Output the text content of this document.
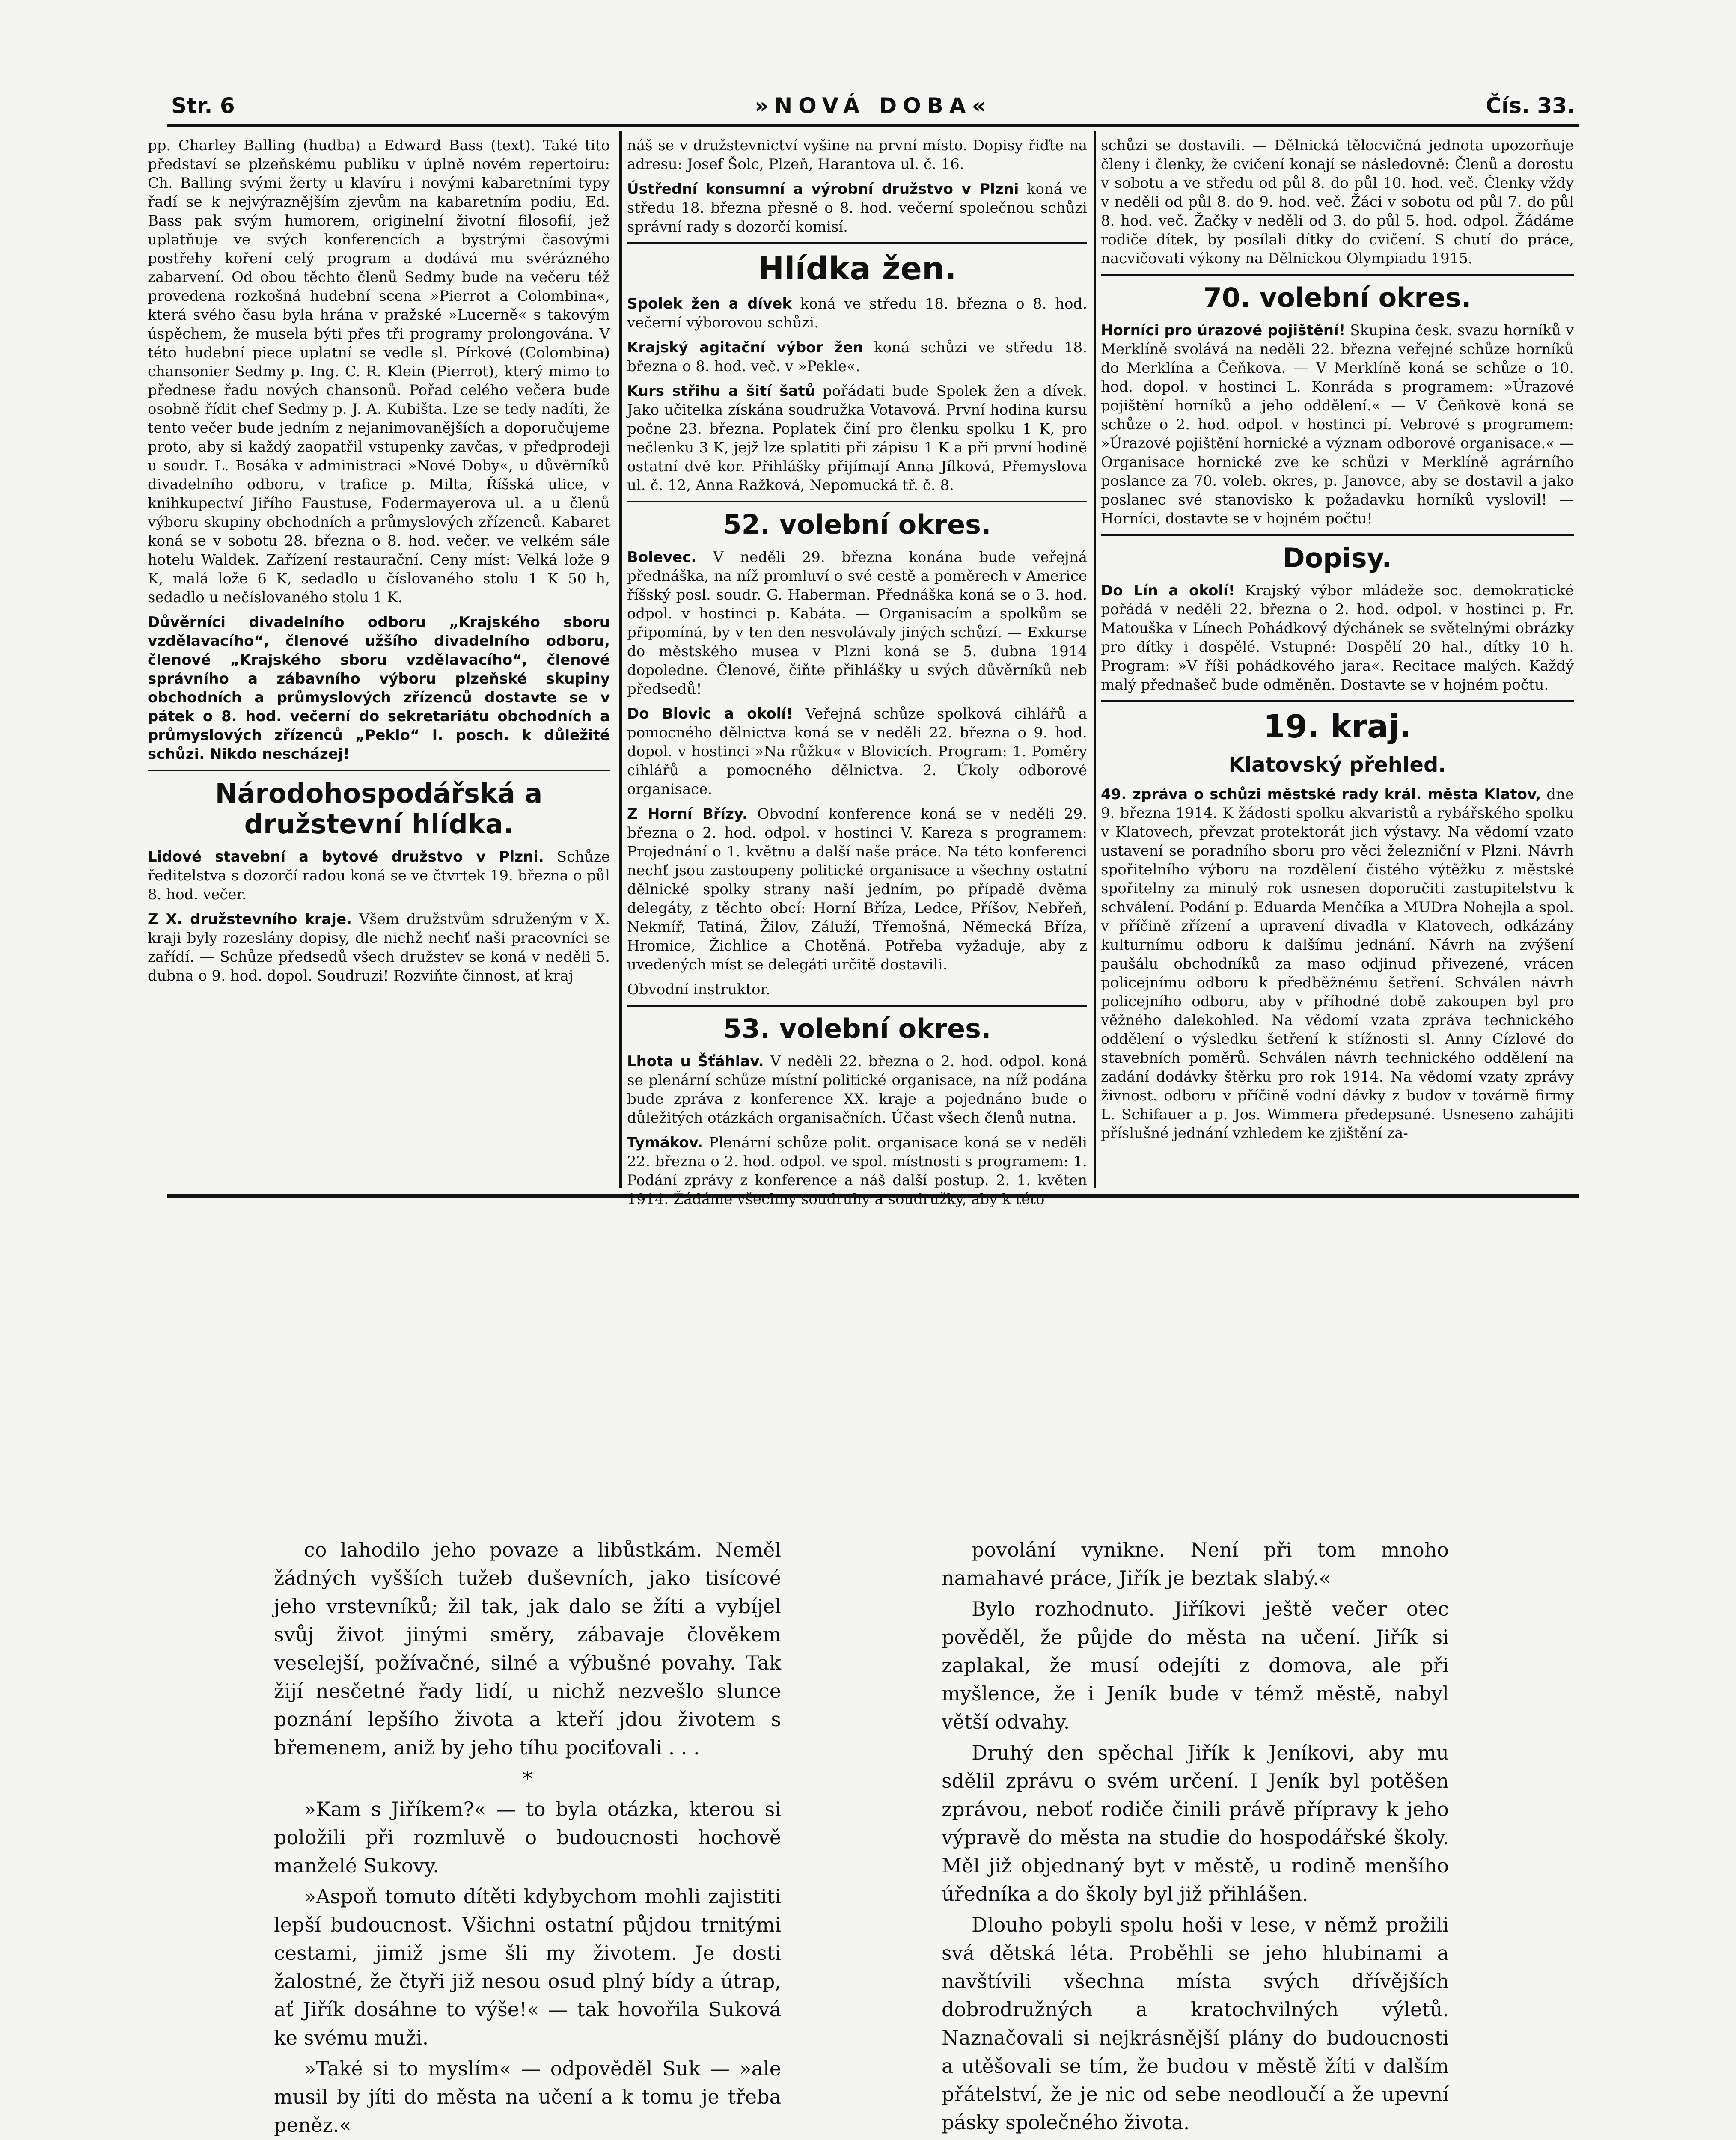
Str. 6	»NOVÁ DOBA«	Čís. 33.

pp. Charley Balling (hudba) a Edward Bass (text). Také tito představí se plzeňskému publiku v úplně novém repertoiru: Ch. Balling svými žerty u klavíru i novými kabaretními typy řadí se k nejvýraznějším zjevům na kabaretním podiu, Ed. Bass pak svým humorem, originelní životní filosofií, jež uplatňuje ve svých konferencích a bystrými časovými postřehy koření celý program a dodává mu svérázného zabarvení. Od obou těchto členů Sedmy bude na večeru též provedena rozkošná hudební scena »Pierrot a Colombina«, která svého času byla hrána v pražské »Lucerně« s takovým úspěchem, že musela býti přes tři programy prolongována. V této hudební piece uplatní se vedle sl. Pírkové (Colombina) chansonier Sedmy p. Ing. C. R. Klein (Pierrot), který mimo to přednese řadu nových chansonů. Pořad celého večera bude osobně řídit chef Sedmy p. J. A. Kubišta. Lze se tedy nadíti, že tento večer bude jedním z nejanimovanějších a doporučujeme proto, aby si každý zaopatřil vstupenky zavčas, v předprodeji u soudr. L. Bosáka v administraci »Nové Doby«, u důvěrníků divadelního odboru, v trafice p. Milta, Říšská ulice, v knihkupectví Jiřího Faustuse, Fodermayerova ul. a u členů výboru skupiny obchodních a průmyslových zřízenců. Kabaret koná se v sobotu 28. března o 8. hod. večer. ve velkém sále hotelu Waldek. Zařízení restaurační. Ceny míst: Velká lože 9 K, malá lože 6 K, sedadlo u číslovaného stolu 1 K 50 h, sedadlo u nečíslovaného stolu 1 K.

Důvěrníci divadelního odboru „Krajského sboru vzdělavacího“, členové užšího divadelního odboru, členové „Krajského sboru vzdělavacího“, členové správního a zábavního výboru plzeňské skupiny obchodních a průmyslových zřízenců dostavte se v pátek o 8. hod. večerní do sekretariátu obchodních a průmyslových zřízenců „Peklo“ I. posch. k důležité schůzi. Nikdo nescházej!

Národohospodářská a družstevní hlídka.

Lidové stavební a bytové družstvo v Plzni. Schůze ředitelstva s dozorčí radou koná se ve čtvrtek 19. března o půl 8. hod. večer.

Z X. družstevního kraje. Všem družstvům sdruženým v X. kraji byly rozeslány dopisy, dle nichž nechť naši pracovníci se zařídí. — Schůze předsedů všech družstev se koná v neděli 5. dubna o 9. hod. dopol. Soudruzi! Rozviňte činnost, ať kraj

náš se v družstevnictví vyšine na první místo. Dopisy řiďte na adresu: Josef Šolc, Plzeň, Harantova ul. č. 16.

Ústřední konsumní a výrobní družstvo v Plzni koná ve středu 18. března přesně o 8. hod. večerní společnou schůzi správní rady s dozorčí komisí.

Hlídka žen.

Spolek žen a dívek koná ve středu 18. března o 8. hod. večerní výborovou schůzi.

Krajský agitační výbor žen koná schůzi ve středu 18. března o 8. hod. več. v »Pekle«.

Kurs střihu a šití šatů pořádati bude Spolek žen a dívek. Jako učitelka získána soudružka Votavová. První hodina kursu počne 23. března. Poplatek činí pro členku spolku 1 K, pro nečlenku 3 K, jejž lze splatiti při zápisu 1 K a při první hodině ostatní dvě kor. Přihlášky přijímají Anna Jílková, Přemyslova ul. č. 12, Anna Ražková, Nepomucká tř. č. 8.

52. volební okres.

Bolevec. V neděli 29. března konána bude veřejná přednáška, na níž promluví o své cestě a poměrech v Americe říšský posl. soudr. G. Haberman. Přednáška koná se o 3. hod. odpol. v hostinci p. Kabáta. — Organisacím a spolkům se připomíná, by v ten den nesvolávaly jiných schůzí. — Exkurse do městského musea v Plzni koná se 5. dubna 1914 dopoledne. Členové, čiňte přihlášky u svých důvěrníků neb předsedů!

Do Blovic a okolí! Veřejná schůze spolková cihlářů a pomocného dělnictva koná se v neděli 22. března o 9. hod. dopol. v hostinci »Na růžku« v Blovicích. Program: 1. Poměry cihlářů a pomocného dělnictva. 2. Úkoly odborové organisace.

Z Horní Břízy. Obvodní konference koná se v neděli 29. března o 2. hod. odpol. v hostinci V. Kareza s programem: Projednání o 1. květnu a další naše práce. Na této konferenci nechť jsou zastoupeny politické organisace a všechny ostatní dělnické spolky strany naší jedním, po případě dvěma delegáty, z těchto obcí: Horní Bříza, Ledce, Příšov, Nebřeň, Nekmíř, Tatiná, Žilov, Záluží, Třemošná, Německá Bříza, Hromice, Žichlice a Chotěná. Potřeba vyžaduje, aby z uvedených míst se delegáti určitě dostavili.

Obvodní instruktor.

53. volební okres.

Lhota u Šťáhlav. V neděli 22. března o 2. hod. odpol. koná se plenární schůze místní politické organisace, na níž podána bude zpráva z konference XX. kraje a pojednáno bude o důležitých otázkách organisačních. Účast všech členů nutna.

Tymákov. Plenární schůze polit. organisace koná se v neděli 22. března o 2. hod. odpol. ve spol. místnosti s programem: 1. Podání zprávy z konference a náš další postup. 2. 1. květen 1914. Žádáme všechny soudruhy a soudružky, aby k této

schůzi se dostavili. — Dělnická tělocvičná jednota upozorňuje členy i členky, že cvičení konají se následovně: Členů a dorostu v sobotu a ve středu od půl 8. do půl 10. hod. več. Členky vždy v neděli od půl 8. do 9. hod. več. Žáci v sobotu od půl 7. do půl 8. hod. več. Žačky v neděli od 3. do půl 5. hod. odpol. Žádáme rodiče dítek, by posílali dítky do cvičení. S chutí do práce, nacvičovati výkony na Dělnickou Olympiadu 1915.

70. volební okres.

Horníci pro úrazové pojištění! Skupina česk. svazu horníků v Merklíně svolává na neděli 22. března veřejné schůze horníků do Merklína a Čeňkova. — V Merklíně koná se schůze o 10. hod. dopol. v hostinci L. Konráda s programem: »Úrazové pojištění horníků a jeho oddělení.« — V Čeňkově koná se schůze o 2. hod. odpol. v hostinci pí. Vebrové s programem: »Úrazové pojištění hornické a význam odborové organisace.« — Organisace hornické zve ke schůzi v Merklíně agrárního poslance za 70. voleb. okres, p. Janovce, aby se dostavil a jako poslanec své stanovisko k požadavku horníků vyslovil! — Horníci, dostavte se v hojném počtu!

Dopisy.

Do Lín a okolí! Krajský výbor mládeže soc. demokratické pořádá v neděli 22. března o 2. hod. odpol. v hostinci p. Fr. Matouška v Línech Pohádkový dýchánek se světelnými obrázky pro dítky i dospělé. Vstupné: Dospělí 20 hal., dítky 10 h. Program: »V říši pohádkového jara«. Recitace malých. Každý malý přednašeč bude odměněn. Dostavte se v hojném počtu.

19. kraj.
Klatovský přehled.

49. zpráva o schůzi městské rady král. města Klatov, dne 9. března 1914. K žádosti spolku akvaristů a rybářského spolku v Klatovech, převzat protektorát jich výstavy. Na vědomí vzato ustavení se poradního sboru pro věci železniční v Plzni. Návrh spořitelního výboru na rozdělení čistého výtěžku z městské spořitelny za minulý rok usnesen doporučiti zastupitelstvu k schválení. Podání p. Eduarda Menčíka a MUDra Nohejla a spol. v příčině zřízení a upravení divadla v Klatovech, odkázány kulturnímu odboru k dalšímu jednání. Návrh na zvýšení paušálu obchodníků za maso odjinud přivezené, vrácen policejnímu odboru k předběžnému šetření. Schválen návrh policejního odboru, aby v příhodné době zakoupen byl pro věžného dalekohled. Na vědomí vzata zpráva technického oddělení o výsledku šetření k stížnosti sl. Anny Cízlové do stavebních poměrů. Schválen návrh technického oddělení na zadání dodávky štěrku pro rok 1914. Na vědomí vzaty zprávy živnost. odboru v příčině vodní dávky z budov v továrně firmy L. Schifauer a p. Jos. Wimmera předepsané. Usneseno zahájiti příslušné jednání vzhledem ke zjištění za-

co lahodilo jeho povaze a libůstkám. Neměl žádných vyšších tužeb duševních, jako tisícové jeho vrstevníků; žil tak, jak dalo se žíti a vybíjel svůj život jinými směry, zábavaje člověkem veselejší, požívačné, silné a výbušné povahy. Tak žijí nesčetné řady lidí, u nichž nezvešlo slunce poznání lepšího života a kteří jdou životem s břemenem, aniž by jeho tíhu pociťovali . . .

*

»Kam s Jiříkem?« — to byla otázka, kterou si položili při rozmluvě o budoucnosti hochově manželé Sukovy.

»Aspoň tomuto dítěti kdybychom mohli zajistiti lepší budoucnost. Všichni ostatní půjdou trnitými cestami, jimiž jsme šli my životem. Je dosti žalostné, že čtyři již nesou osud plný bídy a útrap, ať Jiřík dosáhne to výše!« — tak hovořila Suková ke svému muži.

»Také si to myslím« — odpověděl Suk — »ale musil by jíti do města na učení a k tomu je třeba peněz.«

povolání vynikne. Není při tom mnoho namahavé práce, Jiřík je beztak slabý.«

Bylo rozhodnuto. Jiříkovi ještě večer otec pověděl, že půjde do města na učení. Jiřík si zaplakal, že musí odejíti z domova, ale při myšlence, že i Jeník bude v témž městě, nabyl větší odvahy.

Druhý den spěchal Jiřík k Jeníkovi, aby mu sdělil zprávu o svém určení. I Jeník byl potěšen zprávou, neboť rodiče činili právě přípravy k jeho výpravě do města na studie do hospodářské školy. Měl již objednaný byt v městě, u rodině menšího úředníka a do školy byl již přihlášen.

Dlouho pobyli spolu hoši v lese, v němž prožili svá dětská léta. Proběhli se jeho hlubinami a navštívili všechna místa svých dřívějších dobrodružných a kratochvilných výletů. Naznačovali si nejkrásnější plány do budoucnosti a utěšovali se tím, že budou v městě žíti v dalším přátelství, že je nic od sebe neodloučí a že upevní pásky společného života.
